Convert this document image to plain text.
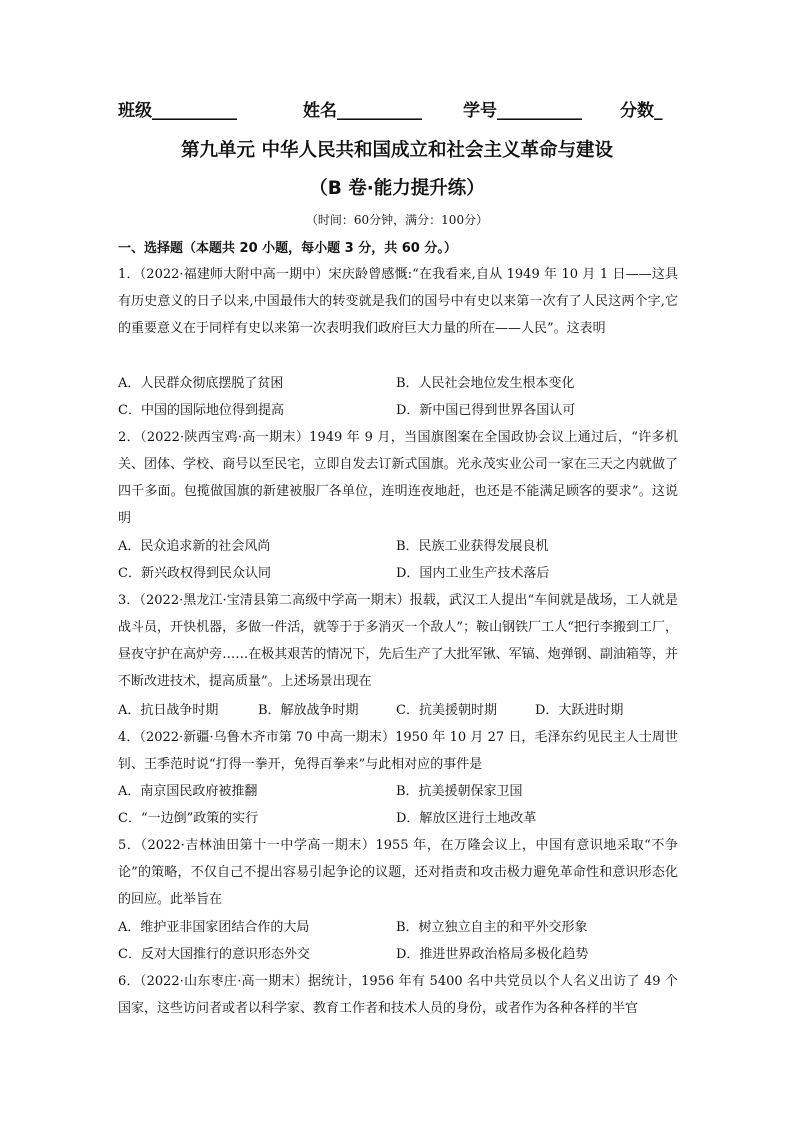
班级__________	姓名__________ 学号__________ 分数_
第九单元 中华人民共和国成立和社会主义革命与建设
（B 卷·能力提升练）
（时间：60分钟，满分：100分）
一、选择题（本题共 20 小题，每小题 3 分，共 60 分。）
1．（2022·福建师大附中高一期中）宋庆龄曾感慨:“在我看来,自从 1949 年 10 月 1 日——这具有历史意义的日子以来,中国最伟大的转变就是我们的国号中有史以来第一次有了人民这两个字,它的重要意义在于同样有史以来第一次表明我们政府巨大力量的所在——人民”。这表明
A．人民群众彻底摆脱了贫困	B．人民社会地位发生根本变化
C．中国的国际地位得到提高	D．新中国已得到世界各国认可
2．（2022·陕西宝鸡·高一期末）1949 年 9 月，当国旗图案在全国政协会议上通过后，“许多机关、团体、学校、商号以至民宅，立即自发去订新式国旗。光永茂实业公司一家在三天之内就做了四千多面。包揽做国旗的新建被服厂各单位，连明连夜地赶，也还是不能满足顾客的要求”。这说明
A．民众追求新的社会风尚	B．民族工业获得发展良机
C．新兴政权得到民众认同	D．国内工业生产技术落后
3．（2022·黑龙江·宝清县第二高级中学高一期末）报载，武汉工人提出“车间就是战场，工人就是战斗员，开快机器，多做一件活，就等于于多消灭一个敌人”；鞍山钢铁厂工人“把行李搬到工厂，昼夜守护在高炉旁……在极其艰苦的情况下，先后生产了大批军锹、军镐、炮弹钢、副油箱等，并不断改进技术，提高质量”。上述场景出现在
A．抗日战争时期	B．解放战争时期	C．抗美援朝时期	D．大跃进时期
4．（2022·新疆·乌鲁木齐市第 70 中高一期末）1950 年 10 月 27 日，毛泽东约见民主人士周世钊、王季范时说“打得一拳开，免得百拳来”与此相对应的事件是
A．南京国民政府被推翻	B．抗美援朝保家卫国
C．“一边倒”政策的实行	D．解放区进行土地改革
5．（2022·吉林油田第十一中学高一期末）1955 年，在万隆会议上，中国有意识地采取“不争论”的策略，不仅自己不提出容易引起争论的议题，还对指责和攻击极力避免革命性和意识形态化的回应。此举旨在
A．维护亚非国家团结合作的大局	B．树立独立自主的和平外交形象
C．反对大国推行的意识形态外交	D．推进世界政治格局多极化趋势
6．（2022·山东枣庄·高一期末）据统计，1956 年有 5400 名中共党员以个人名义出访了 49 个国家，这些访问者或者以科学家、教育工作者和技术人员的身份，或者作为各种各样的半官
